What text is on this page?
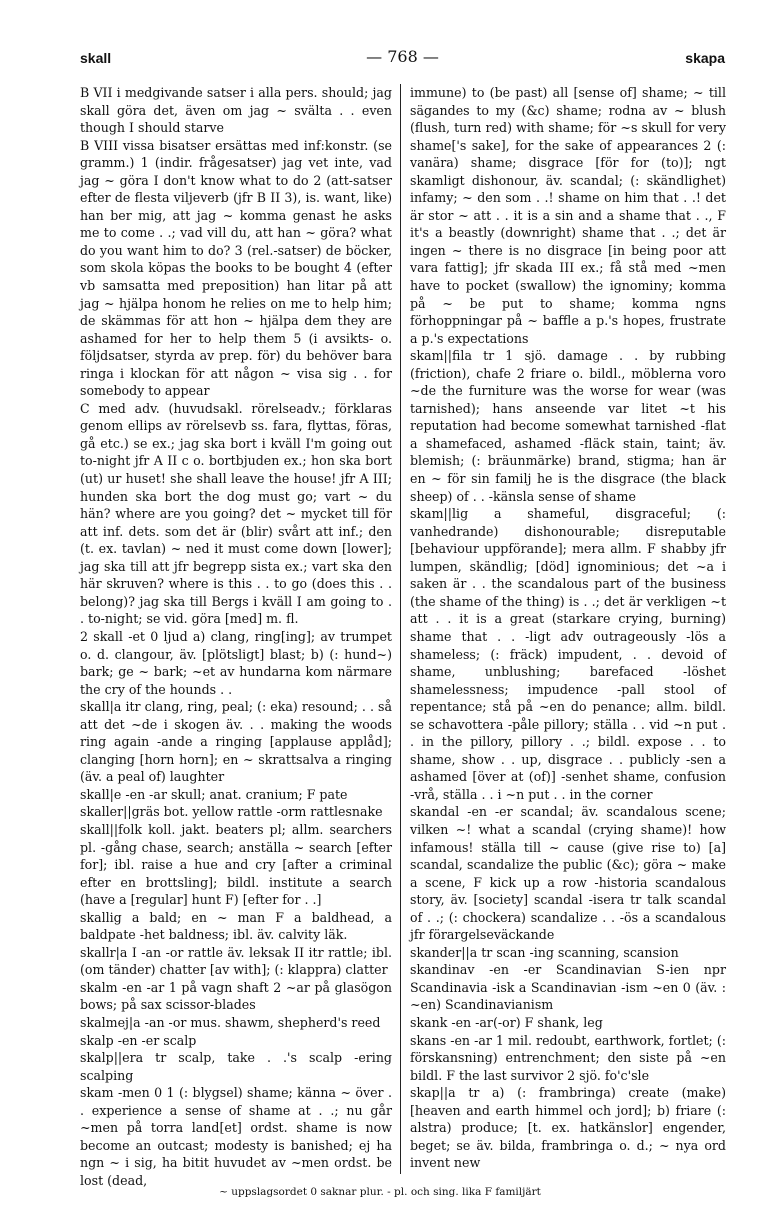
skall	— 768 —	skapa

B VII i medgivande satser i alla pers. should; jag skall göra det, även om jag ~ svälta . . even though I should starve

B VIII vissa bisatser ersättas med inf:konstr. (se gramm.) 1 (indir. frågesatser) jag vet inte, vad jag ~ göra I don't know what to do 2 (att-satser efter de flesta viljeverb (jfr B II 3), is. want, like) han ber mig, att jag ~ komma genast he asks me to come . .; vad vill du, att han ~ göra? what do you want him to do? 3 (rel.-satser) de böcker, som skola köpas the books to be bought 4 (efter vb samsatta med preposition) han litar på att jag ~ hjälpa honom he relies on me to help him; de skämmas för att hon ~ hjälpa dem they are ashamed for her to help them 5 (i avsikts- o. följdsatser, styrda av prep. för) du behöver bara ringa i klockan för att någon ~ visa sig . . for somebody to appear

C med adv. (huvudsakl. rörelseadv.; förklaras genom ellips av rörelsevb ss. fara, flyttas, föras, gå etc.) se ex.; jag ska bort i kväll I'm going out to-night jfr A II c o. bortbjuden ex.; hon ska bort (ut) ur huset! she shall leave the house! jfr A III; hunden ska bort the dog must go; vart ~ du hän? where are you going? det ~ mycket till för att inf. dets. som det är (blir) svårt att inf.; den (t. ex. tavlan) ~ ned it must come down [lower]; jag ska till att jfr begrepp sista ex.; vart ska den här skruven? where is this . . to go (does this . . belong)? jag ska till Bergs i kväll I am going to . . to-night; se vid. göra [med] m. fl.

2 skall -et 0 ljud a) clang, ring[ing]; av trumpet o. d. clangour, äv. [plötsligt] blast; b) (: hund~) bark; ge ~ bark; ~et av hundarna kom närmare the cry of the hounds . .

skall|a itr clang, ring, peal; (: eka) resound; . . så att det ~de i skogen äv. . . making the woods ring again -ande a ringing [applause applåd]; clanging [horn horn]; en ~ skrattsalva a ringing (äv. a peal of) laughter

skall|e -en -ar skull; anat. cranium; F pate

skaller||gräs bot. yellow rattle -orm rattlesnake

skall||folk koll. jakt. beaters pl; allm. searchers pl. -gång chase, search; anställa ~ search [efter for]; ibl. raise a hue and cry [after a criminal efter en brottsling]; bildl. institute a search (have a [regular] hunt F) [efter for . .]

skallig a bald; en ~ man F a baldhead, a baldpate -het baldness; ibl. äv. calvity läk.

skallr|a I -an -or rattle äv. leksak II itr rattle; ibl. (om tänder) chatter [av with]; (: klappra) clatter

skalm -en -ar 1 på vagn shaft 2 ~ar på glasögon bows; på sax scissor-blades

skalmej|a -an -or mus. shawm, shepherd's reed

skalp -en -er scalp

skalp||era tr scalp, take . .'s scalp -ering scalping

skam -men 0 1 (: blygsel) shame; känna ~ över . . experience a sense of shame at . .; nu går ~men på torra land[et] ordst. shame is now become an outcast; modesty is banished; ej ha ngn ~ i sig, ha bitit huvudet av ~men ordst. be lost (dead,

immune) to (be past) all [sense of] shame; ~ till sägandes to my (&c) shame; rodna av ~ blush (flush, turn red) with shame; för ~s skull for very shame['s sake], for the sake of appearances 2 (: vanära) shame; disgrace [för for (to)]; ngt skamligt dishonour, äv. scandal; (: skändlighet) infamy; ~ den som . .! shame on him that . .! det är stor ~ att . . it is a sin and a shame that . ., F it's a beastly (downright) shame that . .; det är ingen ~ there is no disgrace [in being poor att vara fattig]; jfr skada III ex.; få stå med ~men have to pocket (swallow) the ignominy; komma på ~ be put to shame; komma ngns förhoppningar på ~ baffle a p.'s hopes, frustrate a p.'s expectations

skam||fila tr 1 sjö. damage . . by rubbing (friction), chafe 2 friare o. bildl., möblerna voro ~de the furniture was the worse for wear (was tarnished); hans anseende var litet ~t his reputation had become somewhat tarnished -flat a shamefaced, ashamed -fläck stain, taint; äv. blemish; (: bräunmärke) brand, stigma; han är en ~ för sin familj he is the disgrace (the black sheep) of . . -känsla sense of shame

skam||lig a shameful, disgraceful; (: vanhedrande) dishonourable; disreputable [behaviour uppförande]; mera allm. F shabby jfr lumpen, skändlig; [död] ignominious; det ~a i saken är . . the scandalous part of the business (the shame of the thing) is . .; det är verkligen ~t att . . it is a great (starkare crying, burning) shame that . . -ligt adv outrageously -lös a shameless; (: fräck) impudent, . . devoid of shame, unblushing; barefaced -löshet shamelessness; impudence -pall stool of repentance; stå på ~en do penance; allm. bildl. se schavottera -påle pillory; ställa . . vid ~n put . . in the pillory, pillory . .; bildl. expose . . to shame, show . . up, disgrace . . publicly -sen a ashamed [över at (of)] -senhet shame, confusion -vrå, ställa . . i ~n put . . in the corner

skandal -en -er scandal; äv. scandalous scene; vilken ~! what a scandal (crying shame)! how infamous! ställa till ~ cause (give rise to) [a] scandal, scandalize the public (&c); göra ~ make a scene, F kick up a row -historia scandalous story, äv. [society] scandal -isera tr talk scandal of . .; (: chockera) scandalize . . -ös a scandalous jfr förargelseväckande

skander||a tr scan -ing scanning, scansion

skandinav -en -er Scandinavian S-ien npr Scandinavia -isk a Scandinavian -ism ~en 0 (äv. : ~en) Scandinavianism

skank -en -ar(-or) F shank, leg

skans -en -ar 1 mil. redoubt, earthwork, fortlet; (: förskansning) entrenchment; den siste på ~en bildl. F the last survivor 2 sjö. fo'c'sle

skap||a tr a) (: frambringa) create (make) [heaven and earth himmel och jord]; b) friare (: alstra) produce; [t. ex. hatkänslor] engender, beget; se äv. bilda, frambringa o. d.; ~ nya ord invent new

~ uppslagsordet 0 saknar plur. - pl. och sing. lika F familjärt
